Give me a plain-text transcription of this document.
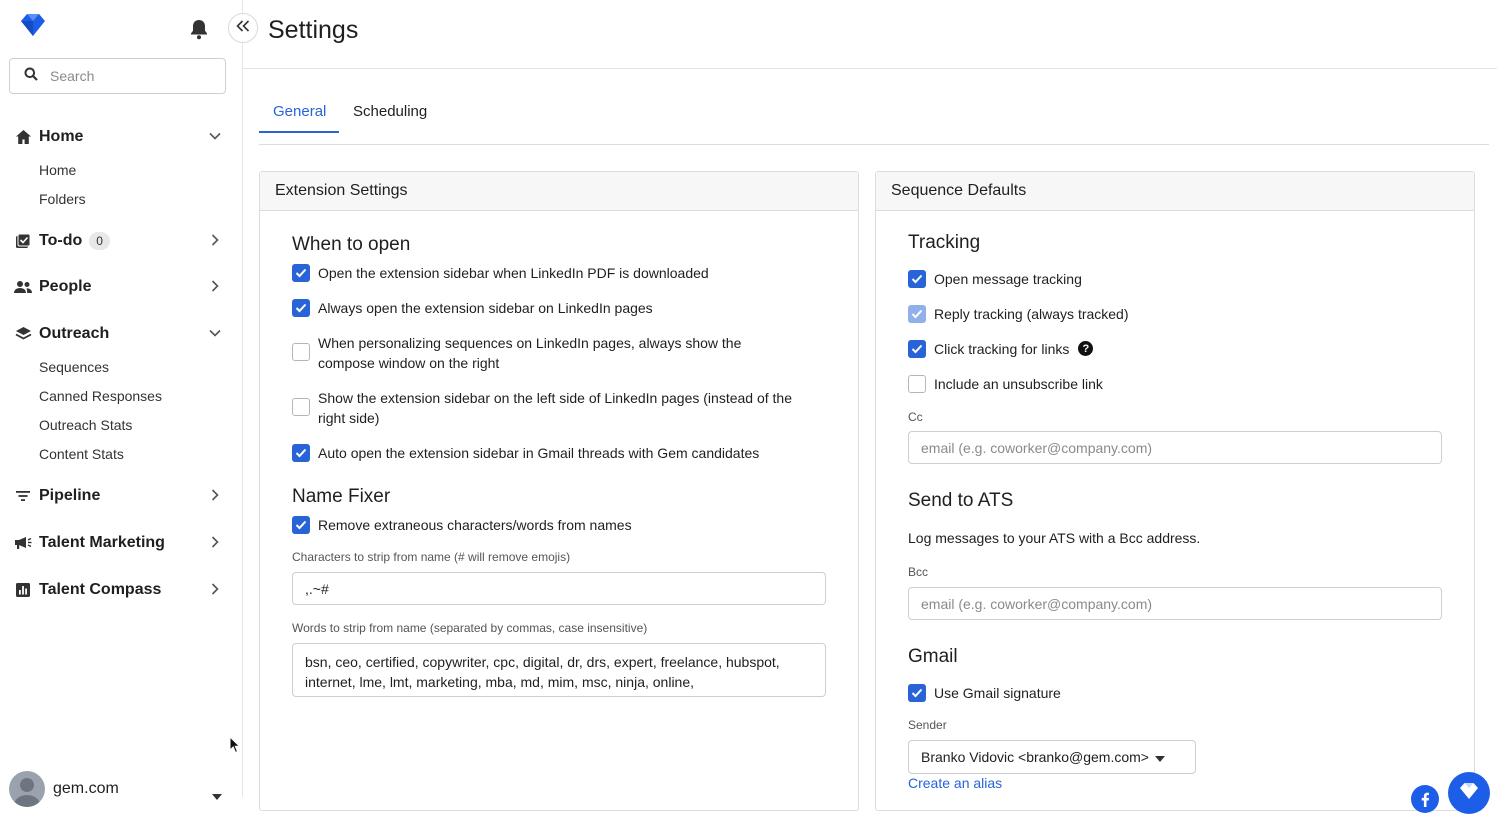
Search
Home
Home
Folders
To-do	0
People
Outreach
Sequences
Canned Responses
Outreach Stats
Content Stats
Pipeline
Talent Marketing
Talent Compass
gem.com
Settings
General Scheduling
Extension Settings
When to open
Open the extension sidebar when LinkedIn PDF is downloaded
Always open the extension sidebar on LinkedIn pages
When personalizing sequences on LinkedIn pages, always show the compose window on the right
Show the extension sidebar on the left side of LinkedIn pages (instead of the right side)
Auto open the extension sidebar in Gmail threads with Gem candidates
Name Fixer
Remove extraneous characters/words from names
Characters to strip from name (# will remove emojis)
,.~#
Words to strip from name (separated by commas, case insensitive)
bsn, ceo, certified, copywriter, cpc, digital, dr, drs, expert, freelance, hubspot, internet, lme, lmt, marketing, mba, md, mim, msc, ninja, online,
Sequence Defaults
Tracking
Open message tracking
Reply tracking (always tracked)
Click tracking for links	?
Include an unsubscribe link
Cc
email (e.g. coworker@company.com)
Send to ATS
Log messages to your ATS with a Bcc address.
Bcc
email (e.g. coworker@company.com)
Gmail
Use Gmail signature
Sender
Branko Vidovic <branko@gem.com>
Create an alias
